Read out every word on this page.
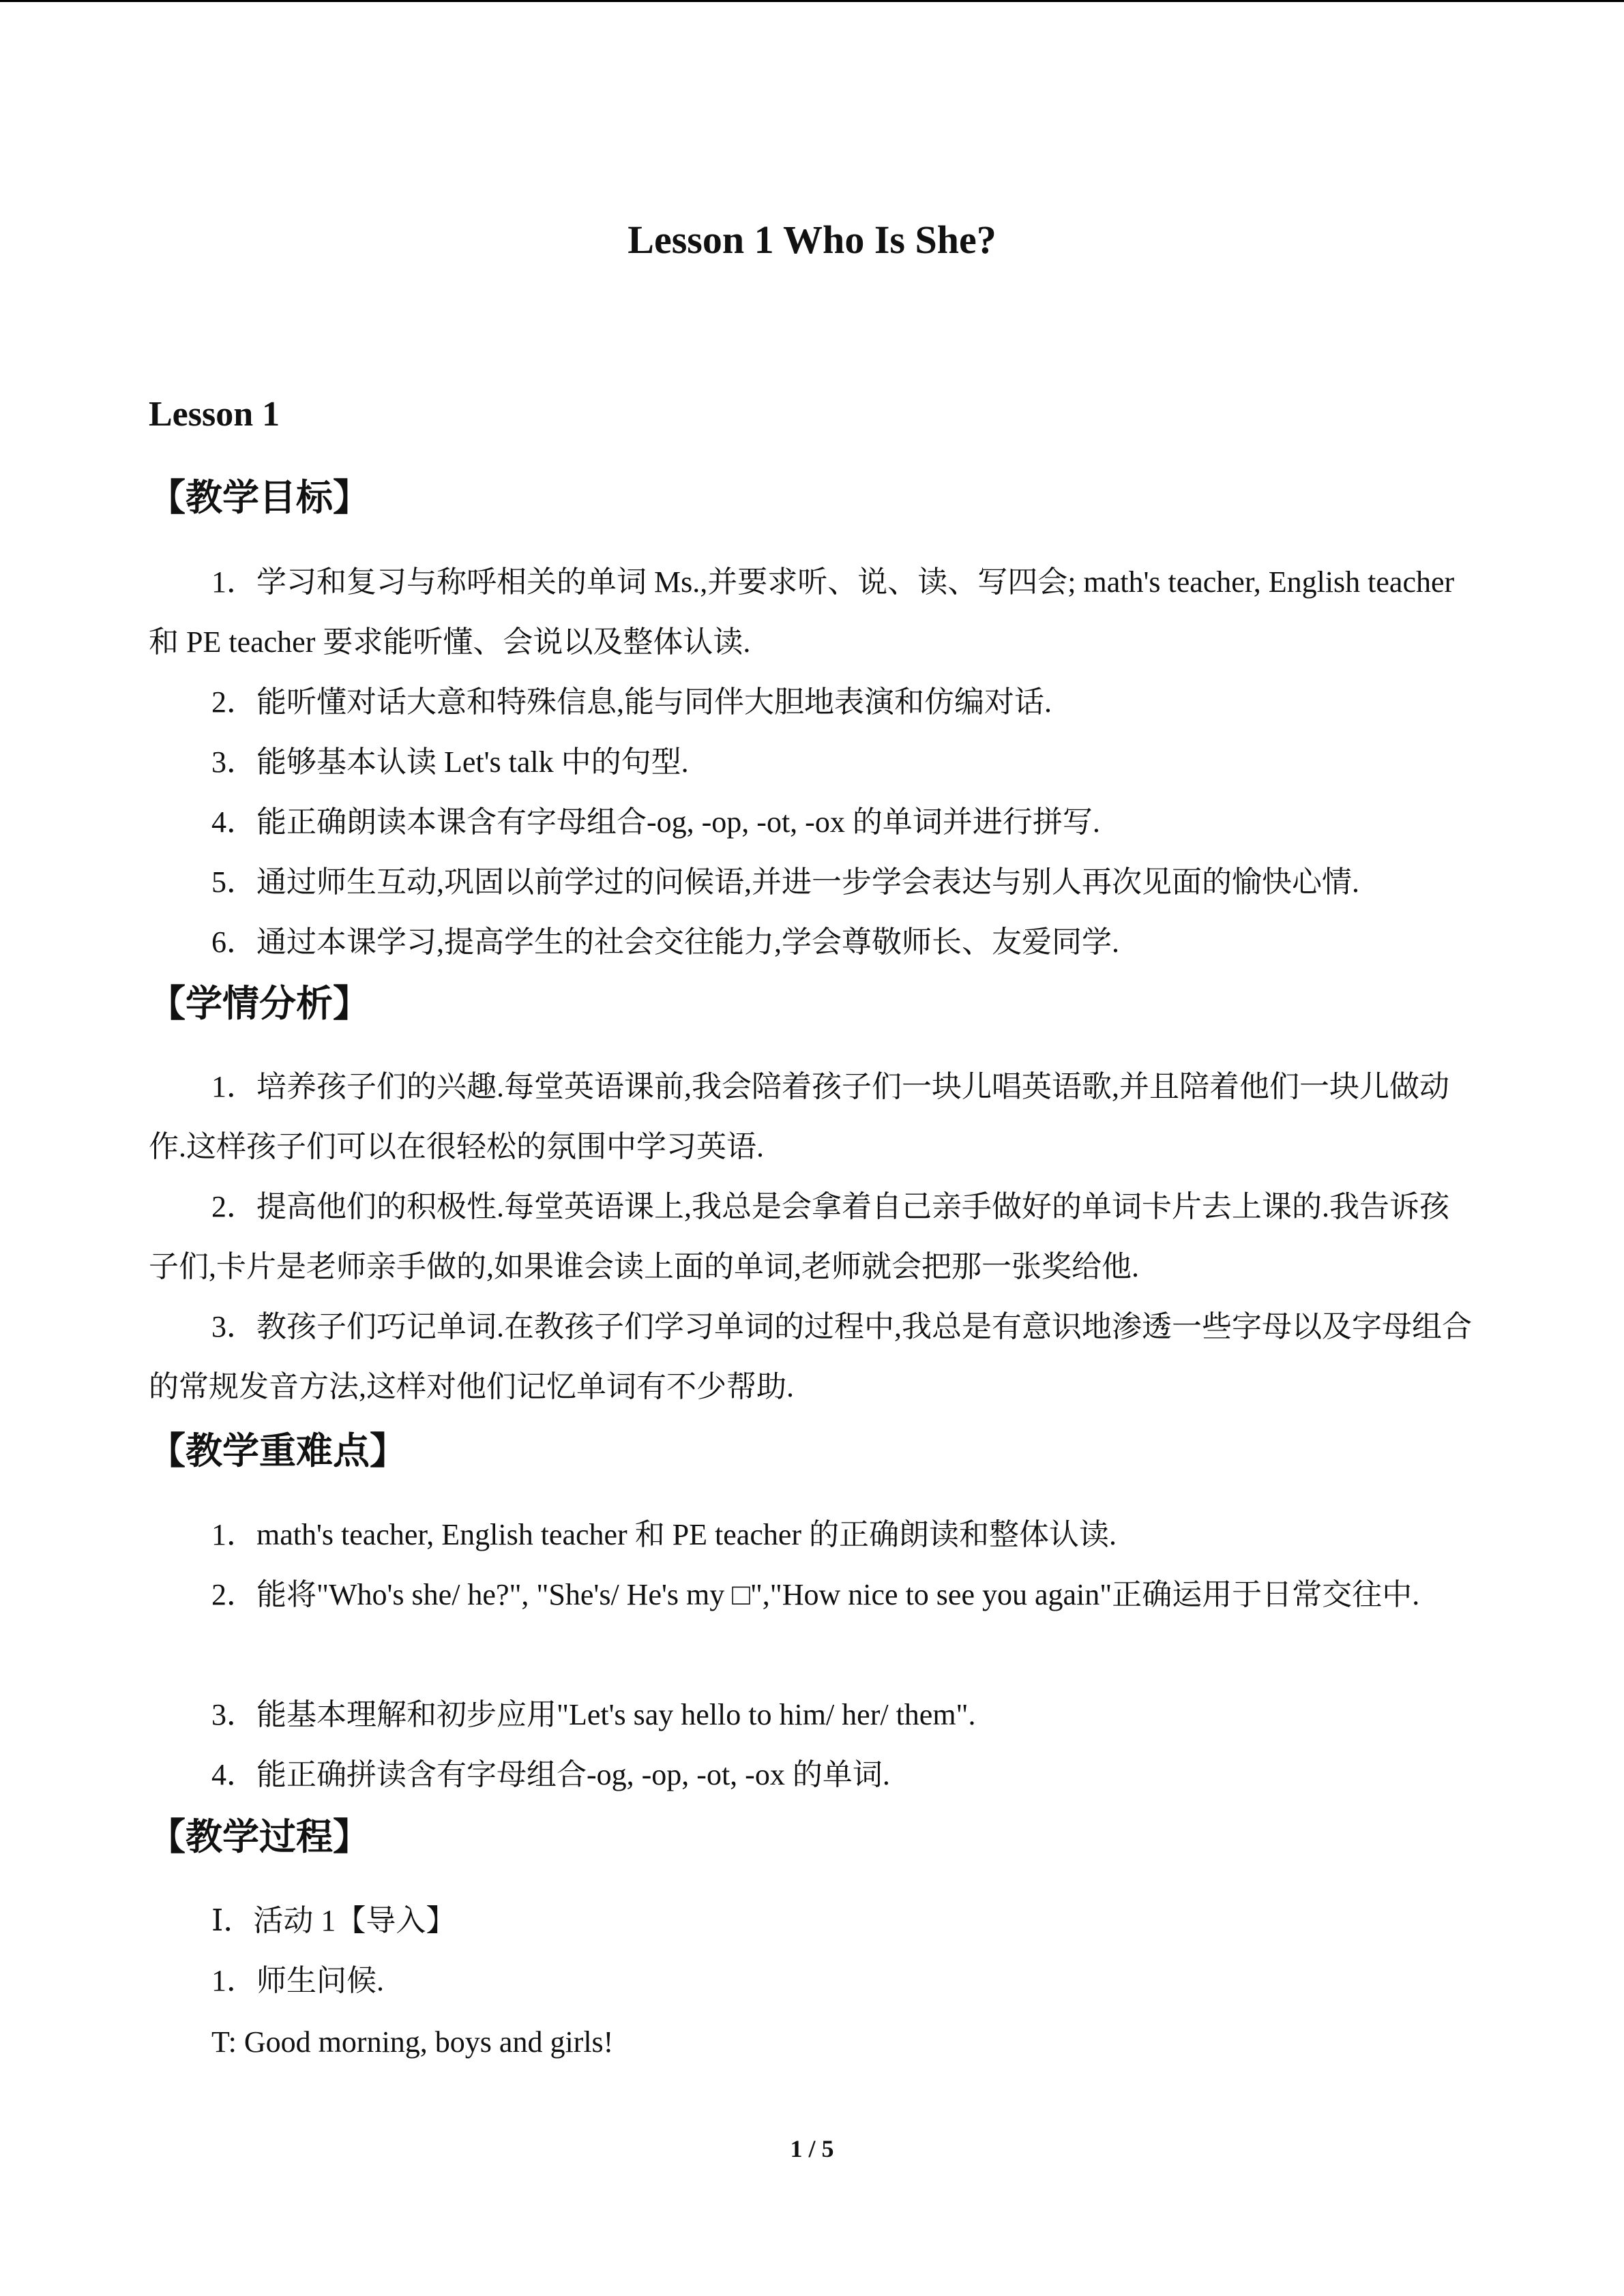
Lesson 1 Who Is She?
Lesson 1
【教学目标】
1．学习和复习与称呼相关的单词 Ms.,并要求听、说、读、写四会; math's teacher, English teacher 和 PE teacher 要求能听懂、会说以及整体认读.
2．能听懂对话大意和特殊信息,能与同伴大胆地表演和仿编对话.
3．能够基本认读 Let's talk 中的句型.
4．能正确朗读本课含有字母组合-og, -op, -ot, -ox 的单词并进行拼写.
5．通过师生互动,巩固以前学过的问候语,并进一步学会表达与别人再次见面的愉快心情.
6．通过本课学习,提高学生的社会交往能力,学会尊敬师长、友爱同学.
【学情分析】
1．培养孩子们的兴趣.每堂英语课前,我会陪着孩子们一块儿唱英语歌,并且陪着他们一块儿做动作.这样孩子们可以在很轻松的氛围中学习英语.
2．提高他们的积极性.每堂英语课上,我总是会拿着自己亲手做好的单词卡片去上课的.我告诉孩子们,卡片是老师亲手做的,如果谁会读上面的单词,老师就会把那一张奖给他.
3．教孩子们巧记单词.在教孩子们学习单词的过程中,我总是有意识地渗透一些字母以及字母组合的常规发音方法,这样对他们记忆单词有不少帮助.
【教学重难点】
1．math's teacher, English teacher 和 PE teacher 的正确朗读和整体认读.
2．能将"Who's she/ he?", "She's/ He's my □","How nice to see you again"正确运用于日常交往中.
3．能基本理解和初步应用"Let's say hello to him/ her/ them".
4．能正确拼读含有字母组合-og, -op, -ot, -ox 的单词.
【教学过程】
Ⅰ．活动 1【导入】
1．师生问候.
T: Good morning, boys and girls!
1 / 5
